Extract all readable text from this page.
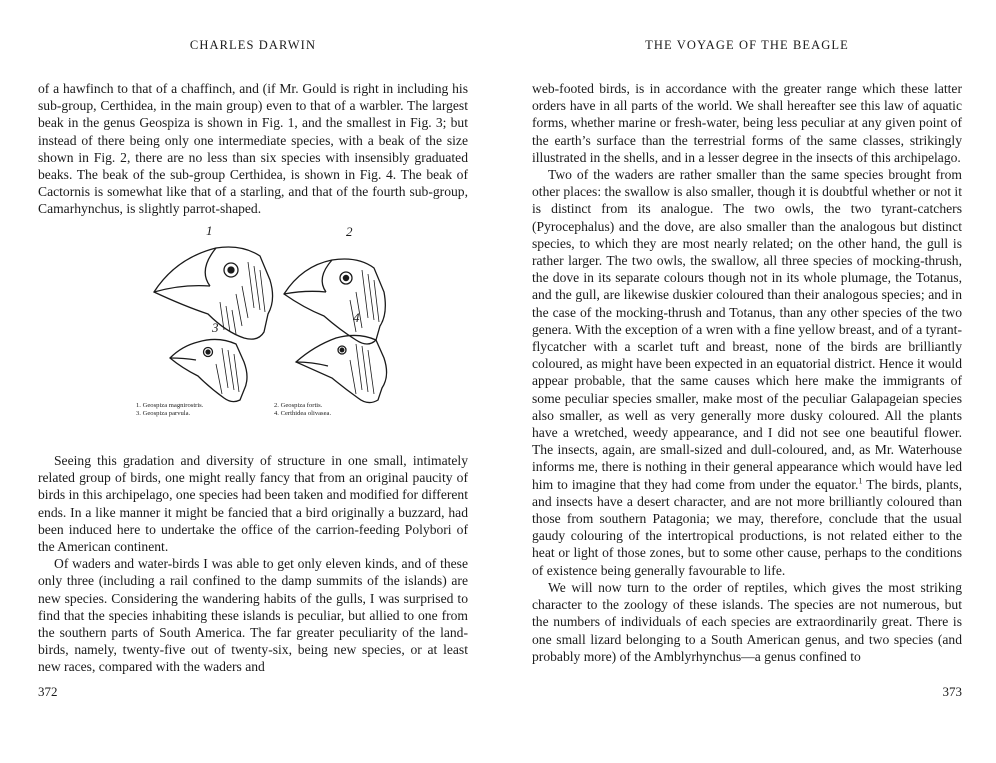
CHARLES DARWIN

of a hawfinch to that of a chaffinch, and (if Mr. Gould is right in including his sub-group, Certhidea, in the main group) even to that of a warbler. The largest beak in the genus Geospiza is shown in Fig. 1, and the smallest in Fig. 3; but instead of there being only one intermediate species, with a beak of the size shown in Fig. 2, there are no less than six species with insensibly graduated beaks. The beak of the sub-group Certhidea, is shown in Fig. 4. The beak of Cactornis is somewhat like that of a starling, and that of the fourth sub-group, Camarhynchus, is slightly parrot-shaped.

1	2
3
4
1. Geospiza magnirostris.
3. Geospiza parvula.
2. Geospiza fortis.
4. Certhidea olivasea.

Seeing this gradation and diversity of structure in one small, intimately related group of birds, one might really fancy that from an original paucity of birds in this archipelago, one species had been taken and modified for different ends. In a like manner it might be fancied that a bird originally a buzzard, had been induced here to undertake the office of the carrion-feeding Polybori of the American continent.

Of waders and water-birds I was able to get only eleven kinds, and of these only three (including a rail confined to the damp summits of the islands) are new species. Considering the wandering habits of the gulls, I was surprised to find that the species inhabiting these islands is peculiar, but allied to one from the southern parts of South America. The far greater peculiarity of the land-birds, namely, twenty-five out of twenty-six, being new species, or at least new races, compared with the waders and

372
THE VOYAGE OF THE BEAGLE

web-footed birds, is in accordance with the greater range which these latter orders have in all parts of the world. We shall hereafter see this law of aquatic forms, whether marine or fresh-water, being less peculiar at any given point of the earth’s surface than the terrestrial forms of the same classes, strikingly illustrated in the shells, and in a lesser degree in the insects of this archipelago.

Two of the waders are rather smaller than the same species brought from other places: the swallow is also smaller, though it is doubtful whether or not it is distinct from its analogue. The two owls, the two tyrant-catchers (Pyrocephalus) and the dove, are also smaller than the analogous but distinct species, to which they are most nearly related; on the other hand, the gull is rather larger. The two owls, the swallow, all three species of mocking-thrush, the dove in its separate colours though not in its whole plumage, the Totanus, and the gull, are likewise duskier coloured than their analogous species; and in the case of the mocking-thrush and Totanus, than any other species of the two genera. With the exception of a wren with a fine yellow breast, and of a tyrant-flycatcher with a scarlet tuft and breast, none of the birds are brilliantly coloured, as might have been expected in an equatorial district. Hence it would appear probable, that the same causes which here make the immigrants of some peculiar species smaller, make most of the peculiar Galapageian species also smaller, as well as very generally more dusky coloured. All the plants have a wretched, weedy appearance, and I did not see one beautiful flower. The insects, again, are small-sized and dull-coloured, and, as Mr. Waterhouse informs me, there is nothing in their general appearance which would have led him to imagine that they had come from under the equator.$^1$ The birds, plants, and insects have a desert character, and are not more brilliantly coloured than those from southern Patagonia; we may, therefore, conclude that the usual gaudy colouring of the intertropical productions, is not related either to the heat or light of those zones, but to some other cause, perhaps to the conditions of existence being generally favourable to life.

We will now turn to the order of reptiles, which gives the most striking character to the zoology of these islands. The species are not numerous, but the numbers of individuals of each species are extraordinarily great. There is one small lizard belonging to a South American genus, and two species (and probably more) of the Amblyrhynchus—a genus confined to

373
